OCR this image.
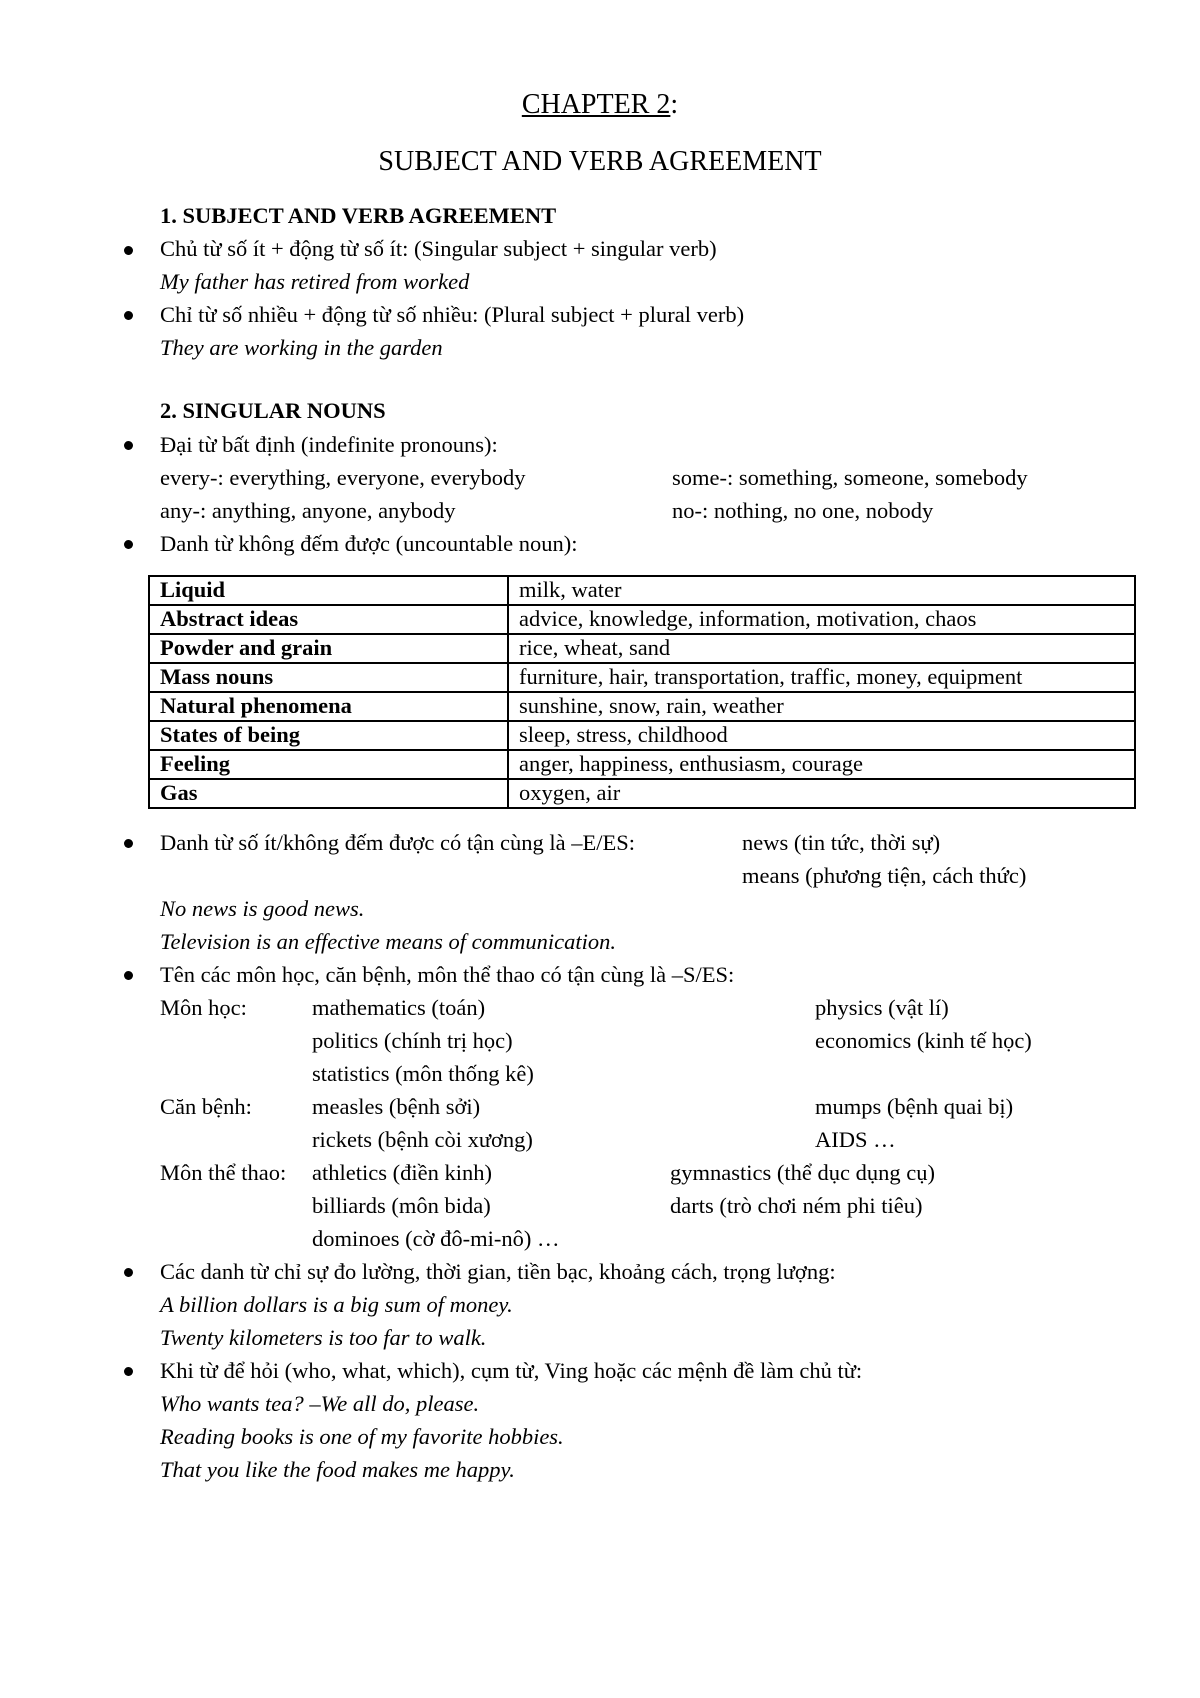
CHAPTER 2:
SUBJECT AND VERB AGREEMENT
1. SUBJECT AND VERB AGREEMENT
Chủ từ số ít + động từ số ít: (Singular subject + singular verb)
My father has retired from worked
Chỉ từ số nhiều + động từ số nhiều: (Plural subject + plural verb)
They are working in the garden
2. SINGULAR NOUNS
Đại từ bất định (indefinite pronouns):
every-: everything, everyone, everybody	some-: something, someone, somebody
any-: anything, anyone, anybody	no-: nothing, no one, nobody
Danh từ không đếm được (uncountable noun):
Liquid	milk, water
Abstract ideas	advice, knowledge, information, motivation, chaos
Powder and grain	rice, wheat, sand
Mass nouns	furniture, hair, transportation, traffic, money, equipment
Natural phenomena	sunshine, snow, rain, weather
States of being	sleep, stress, childhood
Feeling	anger, happiness, enthusiasm, courage
Gas	oxygen, air
Danh từ số ít/không đếm được có tận cùng là –E/ES:	news (tin tức, thời sự)
means (phương tiện, cách thức)
No news is good news.
Television is an effective means of communication.
Tên các môn học, căn bệnh, môn thể thao có tận cùng là –S/ES:
Môn học:	mathematics (toán)	physics (vật lí)
politics (chính trị học)	economics (kinh tế học)
statistics (môn thống kê)
Căn bệnh:	measles (bệnh sởi)	mumps (bệnh quai bị)
rickets (bệnh còi xương)	AIDS …
Môn thể thao: athletics (điền kinh)	gymnastics (thể dục dụng cụ)
billiards (môn bida)	darts (trò chơi ném phi tiêu)
dominoes (cờ đô-mi-nô) …
Các danh từ chỉ sự đo lường, thời gian, tiền bạc, khoảng cách, trọng lượng:
A billion dollars is a big sum of money.
Twenty kilometers is too far to walk.
Khi từ để hỏi (who, what, which), cụm từ, Ving hoặc các mệnh đề làm chủ từ:
Who wants tea? –We all do, please.
Reading books is one of my favorite hobbies.
That you like the food makes me happy.
